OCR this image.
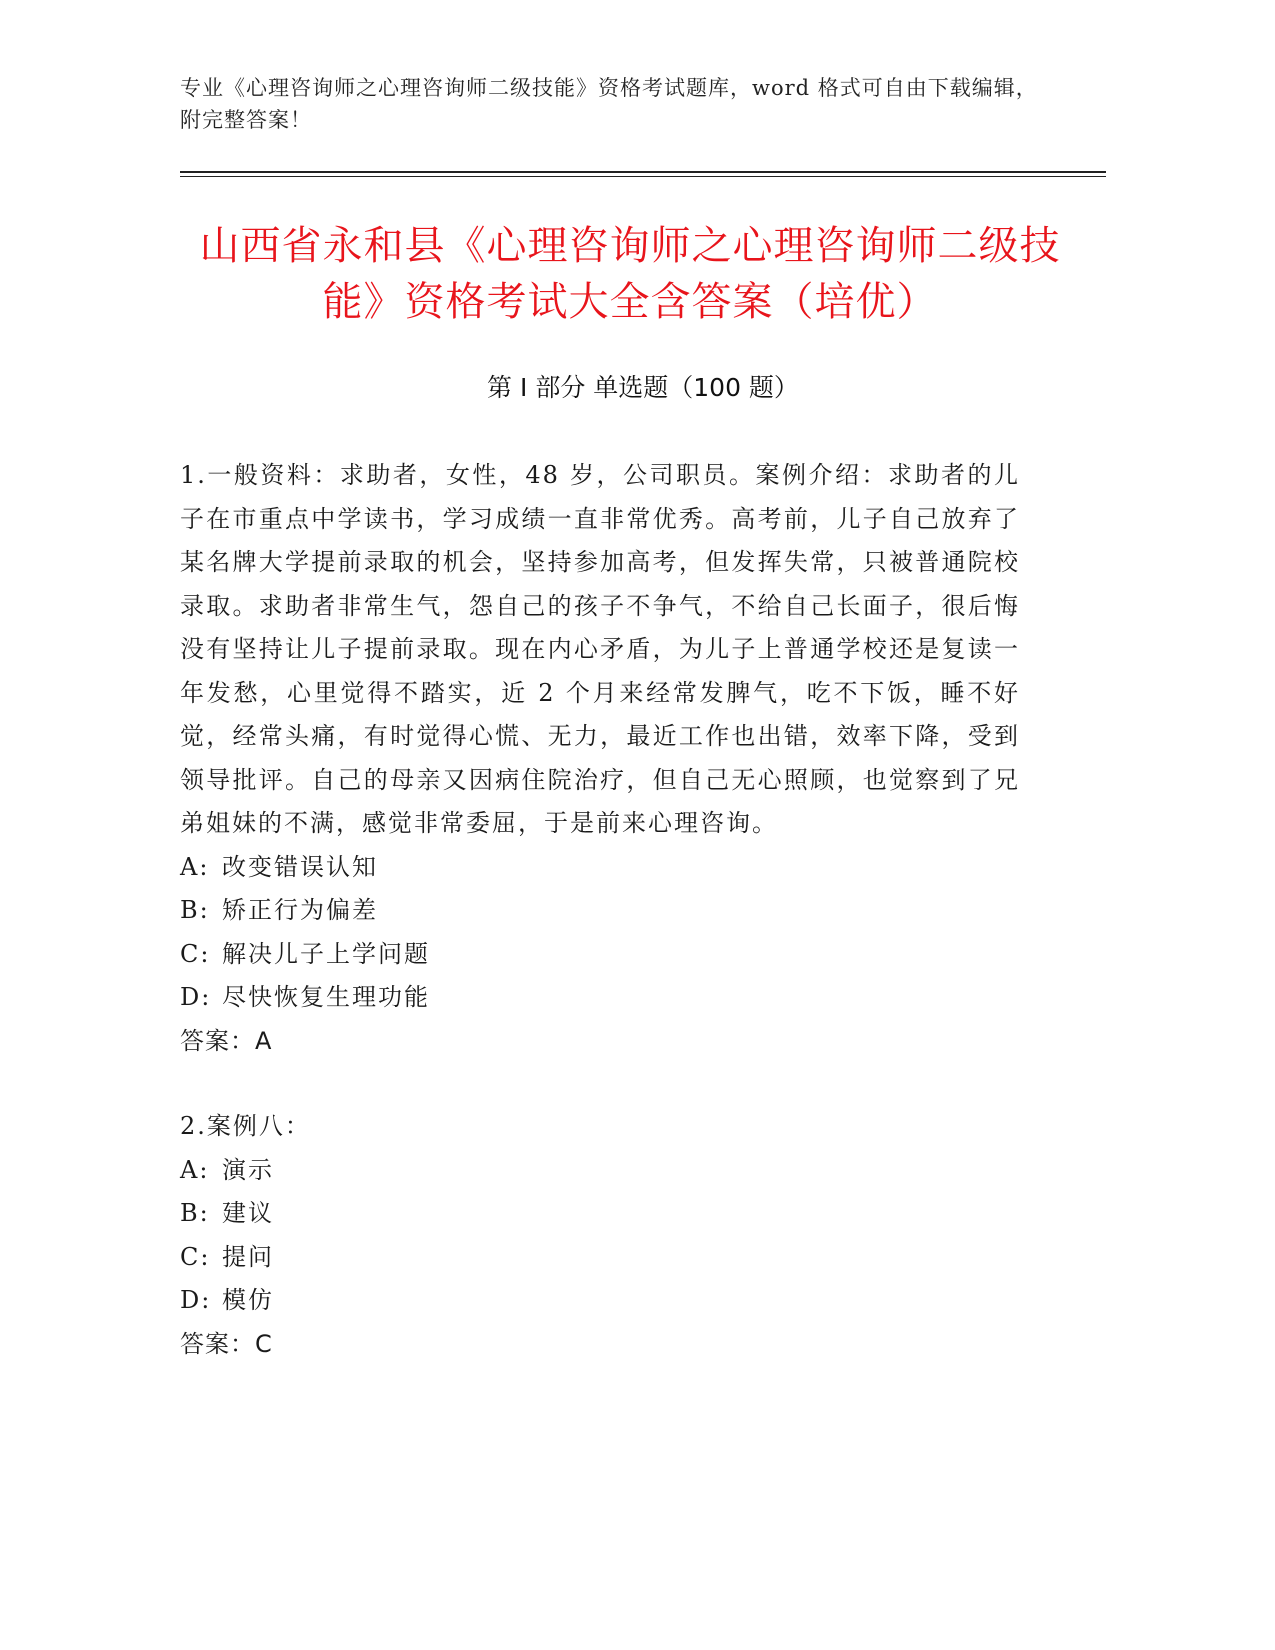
专业《心理咨询师之心理咨询师二级技能》资格考试题库，word 格式可自由下载编辑，附完整答案！
山西省永和县《心理咨询师之心理咨询师二级技能》资格考试大全含答案（培优）
第 I 部分 单选题（100 题）

1.一般资料：求助者，女性，48 岁，公司职员。案例介绍：求助者的儿子在市重点中学读书，学习成绩一直非常优秀。高考前，儿子自己放弃了某名牌大学提前录取的机会，坚持参加高考，但发挥失常，只被普通院校录取。求助者非常生气，怨自己的孩子不争气，不给自己长面子，很后悔没有坚持让儿子提前录取。现在内心矛盾，为儿子上普通学校还是复读一年发愁，心里觉得不踏实，近 2 个月来经常发脾气，吃不下饭，睡不好觉，经常头痛，有时觉得心慌、无力，最近工作也出错，效率下降，受到领导批评。自己的母亲又因病住院治疗，但自己无心照顾，也觉察到了兄弟姐妹的不满，感觉非常委屈，于是前来心理咨询。

A: 改变错误认知

B: 矫正行为偏差

C: 解决儿子上学问题

D: 尽快恢复生理功能

答案：A

2.案例八：

A: 演示

B: 建议

C: 提问

D: 模仿

答案：C
